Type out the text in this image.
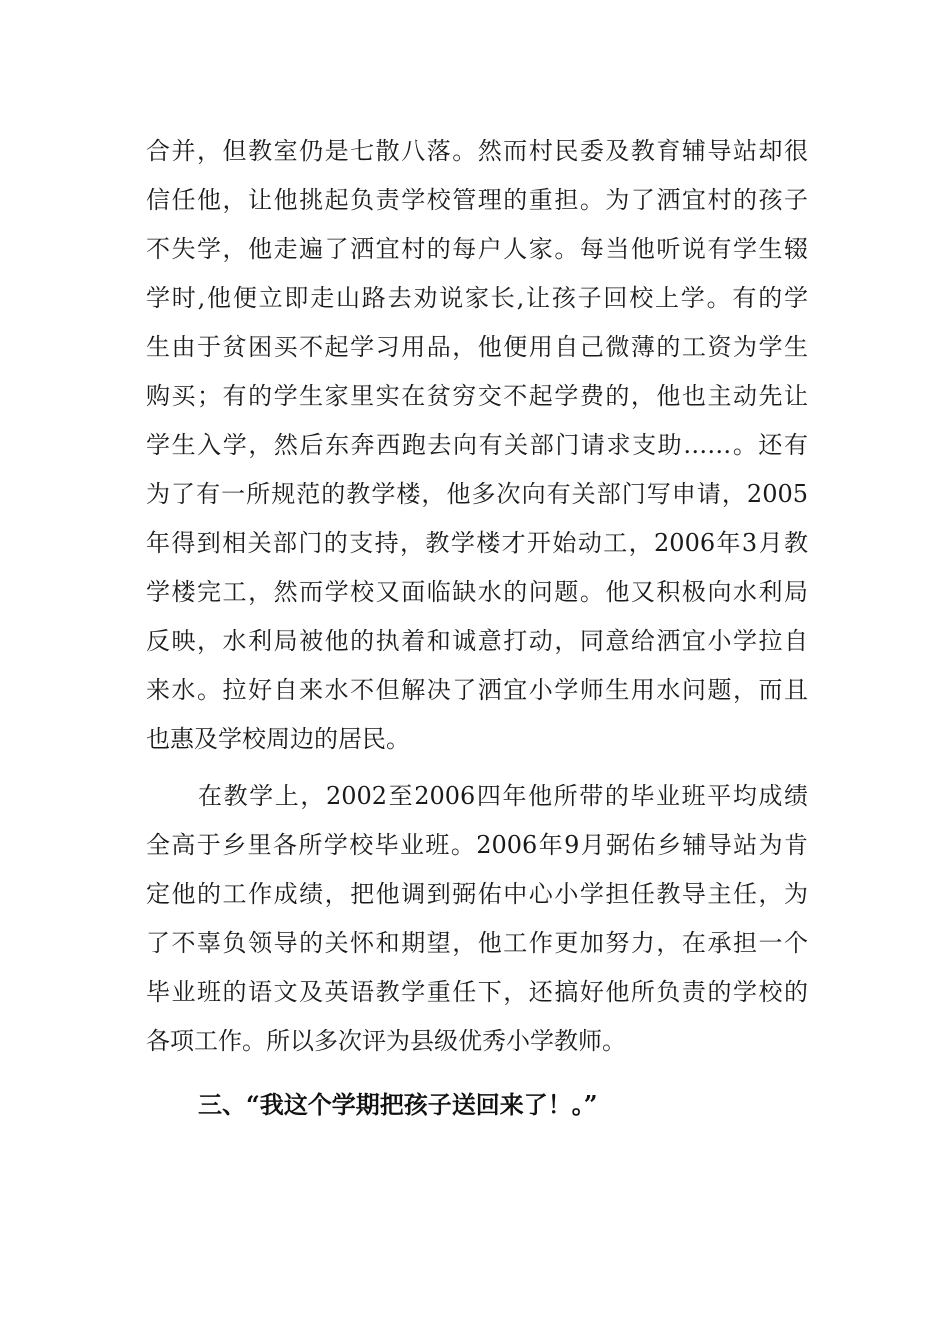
合并，但教室仍是七散八落。然而村民委及教育辅导站却很
信任他，让他挑起负责学校管理的重担。为了洒宜村的孩子
不失学，他走遍了洒宜村的每户人家。每当他听说有学生辍
学时,他便立即走山路去劝说家长,让孩子回校上学。有的学
生由于贫困买不起学习用品，他便用自己微薄的工资为学生
购买；有的学生家里实在贫穷交不起学费的，他也主动先让
学生入学，然后东奔西跑去向有关部门请求支助……。还有
为了有一所规范的教学楼，他多次向有关部门写申请，2005
年得到相关部门的支持，教学楼才开始动工，2006年3月教
学楼完工，然而学校又面临缺水的问题。他又积极向水利局
反映，水利局被他的执着和诚意打动，同意给洒宜小学拉自
来水。拉好自来水不但解决了洒宜小学师生用水问题，而且
也惠及学校周边的居民。
在教学上，2002至2006四年他所带的毕业班平均成绩
全高于乡里各所学校毕业班。2006年9月弼佑乡辅导站为肯
定他的工作成绩，把他调到弼佑中心小学担任教导主任，为
了不辜负领导的关怀和期望，他工作更加努力，在承担一个
毕业班的语文及英语教学重任下，还搞好他所负责的学校的
各项工作。所以多次评为县级优秀小学教师。
三、“我这个学期把孩子送回来了！。”
